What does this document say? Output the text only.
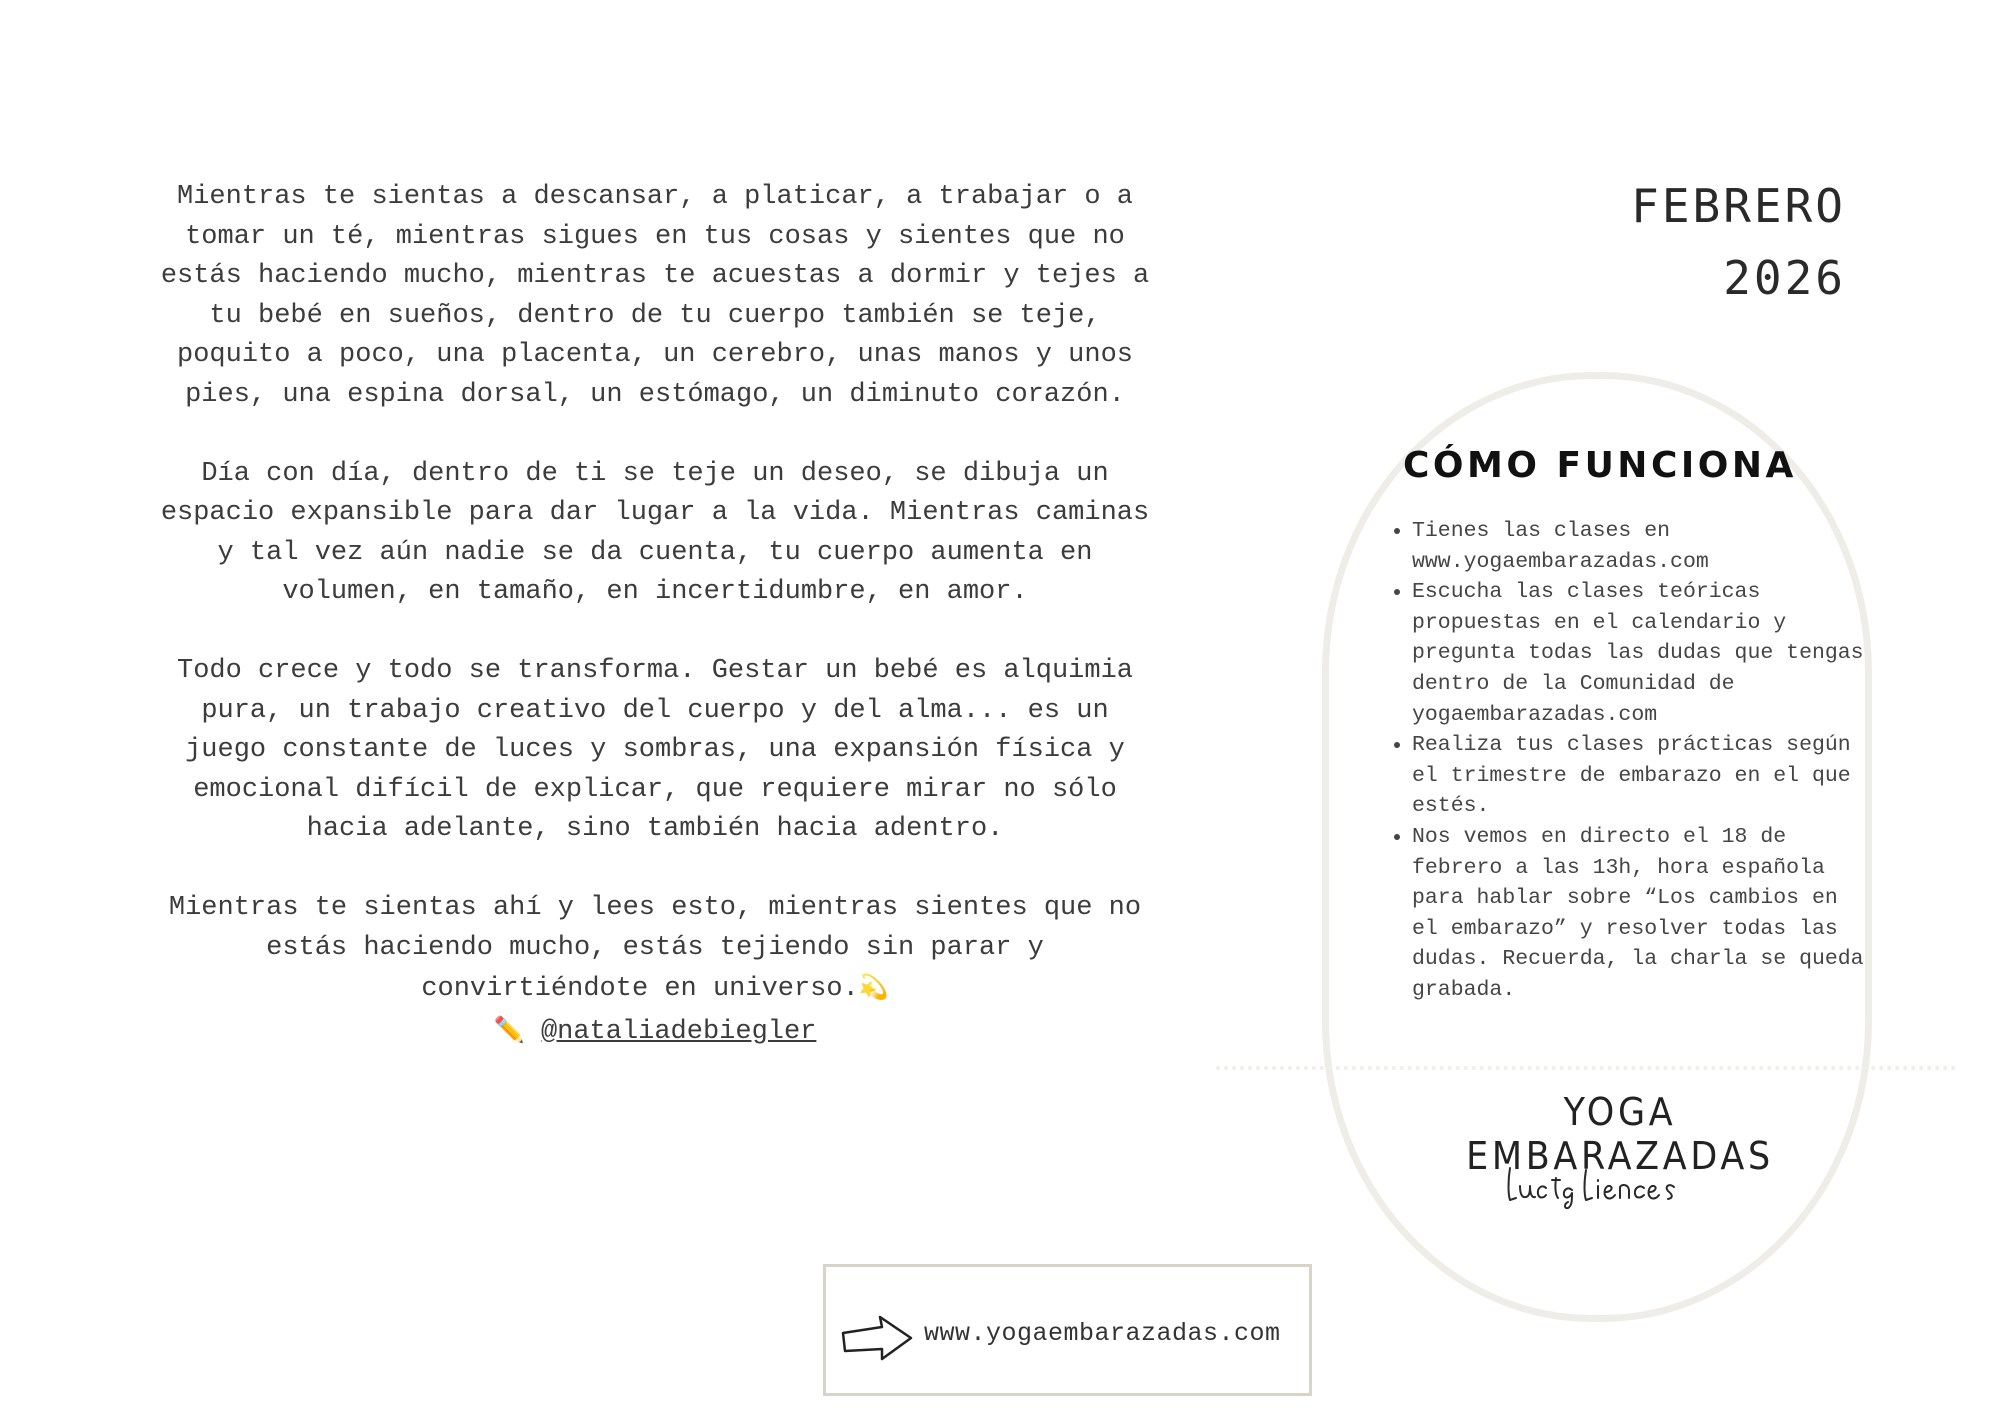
Mientras te sientas a descansar, a platicar, a trabajar o a tomar un té, mientras sigues en tus cosas y sientes que no estás haciendo mucho, mientras te acuestas a dormir y tejes a tu bebé en sueños, dentro de tu cuerpo también se teje, poquito a poco, una placenta, un cerebro, unas manos y unos pies, una espina dorsal, un estómago, un diminuto corazón.

Día con día, dentro de ti se teje un deseo, se dibuja un espacio expansible para dar lugar a la vida. Mientras caminas y tal vez aún nadie se da cuenta, tu cuerpo aumenta en volumen, en tamaño, en incertidumbre, en amor.

Todo crece y todo se transforma. Gestar un bebé es alquimia pura, un trabajo creativo del cuerpo y del alma... es un juego constante de luces y sombras, una expansión física y emocional difícil de explicar, que requiere mirar no sólo hacia adelante, sino también hacia adentro.

Mientras te sientas ahí y lees esto, mientras sientes que no estás haciendo mucho, estás tejiendo sin parar y convirtiéndote en universo.💫

✏️ @nataliadebiegler
FEBRERO
2026
CÓMO FUNCIONA
• Tienes las clases en www.yogaembarazadas.com
• Escucha las clases teóricas propuestas en el calendario y pregunta todas las dudas que tengas dentro de la Comunidad de yogaembarazadas.com
• Realiza tus clases prácticas según el trimestre de embarazo en el que estés.
• Nos vemos en directo el 18 de febrero a las 13h, hora española para hablar sobre “Los cambios en el embarazo” y resolver todas las dudas. Recuerda, la charla se queda grabada.
YOGA EMBARAZADAS
www.yogaembarazadas.com
